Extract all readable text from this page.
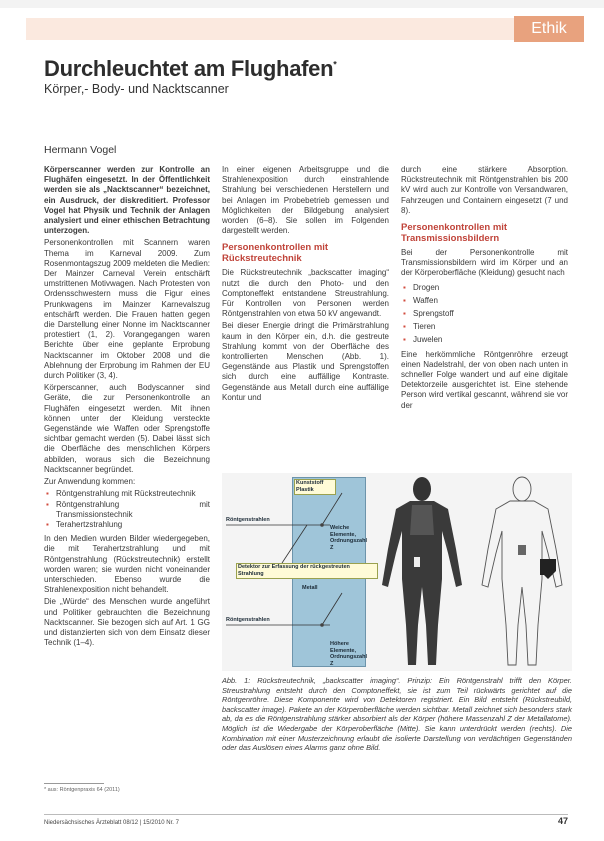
Ethik
Durchleuchtet am Flughafen*
Körper,- Body- und Nacktscanner
Hermann Vogel

Körperscanner werden zur Kontrolle an Flughäfen eingesetzt. In der Öffentlichkeit werden sie als „Nacktscanner“ bezeichnet, ein Ausdruck, der diskreditiert. Professor Vogel hat Physik und Technik der Anlagen analysiert und einer ethischen Betrachtung unterzogen.

Personenkontrollen mit Scannern waren Thema im Karneval 2009. Zum Rosenmontagszug 2009 meldeten die Medien: Der Mainzer Carneval Verein entschärft umstrittenen Motivwagen. Nach Protesten von Ordensschwestern muss die Figur eines Prunkwagens im Mainzer Karnevalszug entschärft werden. Die Frauen hatten gegen die Darstellung einer Nonne im Nacktscanner protestiert (1, 2). Vorangegangen waren Berichte über eine geplante Erprobung Nacktscanner im Oktober 2008 und die Ablehnung der Erprobung im Rahmen der EU durch Politiker (3, 4).

Körperscanner, auch Bodyscanner sind Geräte, die zur Personenkontrolle an Flughäfen eingesetzt werden. Mit ihnen können unter der Kleidung versteckte Gegenstände wie Waffen oder Sprengstoffe sichtbar gemacht werden (5). Dabei lässt sich die Oberfläche des menschlichen Körpers abbilden, woraus sich die Bezeichnung Nacktscanner begründet.

Zur Anwendung kommen:

▪ Röntgenstrahlung mit Rückstreutechnik
▪ Röntgenstrahlung mit Transmissionstechnik
▪ Terahertzstrahlung

In den Medien wurden Bilder wiedergegeben, die mit Terahertzstrahlung und mit Röntgenstrahlung (Rückstreutechnik) erstellt worden waren; sie wurden nicht voneinander unterschieden. Ebenso wurde die Strahlenexposition nicht behandelt.

Die „Würde“ des Menschen wurde angeführt und Politiker gebrauchten die Bezeichnung Nacktscanner. Sie bezogen sich auf Art. 1 GG und distanzierten sich von dem Einsatz dieser Technik (1–4).

In einer eigenen Arbeitsgruppe und die Strahlenexposition durch einstrahlende Strahlung bei verschiedenen Herstellern und bei Anlagen im Probebetrieb gemessen und Möglichkeiten der Bildgebung analysiert worden (6–8). Sie sollen im Folgenden dargestellt werden.

Personenkontrollen mit Rückstreutechnik

Die Rückstreutechnik „backscatter imaging“ nutzt die durch den Photo- und den Comptoneffekt entstandene Streustrahlung. Für Kontrollen von Personen werden Röntgenstrahlen von etwa 50 kV angewandt.

Bei dieser Energie dringt die Primärstrahlung kaum in den Körper ein, d.h. die gestreute Strahlung kommt von der Oberfläche des kontrollierten Menschen (Abb. 1). Gegenstände aus Plastik und Sprengstoffen sich durch eine auffällige Kontraste. Gegenstände aus Metall durch eine auffällige Kontur und

durch eine stärkere Absorption. Rückstreutechnik mit Röntgenstrahlen bis 200 kV wird auch zur Kontrolle von Versandwaren, Fahrzeugen und Containern eingesetzt (7 und 8).

Personenkontrollen mit Transmissionsbildern

Bei der Personenkontrolle mit Transmissionsbildern wird im Körper und an der Körperoberfläche (Kleidung) gesucht nach

▪ Drogen
▪ Waffen
▪ Sprengstoff
▪ Tieren
▪ Juwelen

Eine herkömmliche Röntgenröhre erzeugt einen Nadelstrahl, der von oben nach unten in schneller Folge wandert und auf eine digitale Detektorzeile ausgerichtet ist. Eine stehende Person wird vertikal gescannt, während sie vor der

Kunststoff Plastik
Röntgenstrahlen
Weiche Elemente, Ordnungszahl Z
Detektor zur Erfassung der rückgestreuten Strahlung
Metall
Röntgenstrahlen
Höhere Elemente, Ordnungszahl Z
Abb. 1: Rückstreutechnik, „backscatter imaging“. Prinzip: Ein Röntgenstrahl trifft den Körper. Streustrahlung entsteht durch den Comptoneffekt, sie ist zum Teil rückwärts gerichtet auf die Röntgenröhre. Diese Komponente wird von Detektoren registriert. Ein Bild entsteht (Rückstreubild, backscatter image). Pakete an der Körperoberfläche werden sichtbar. Metall zeichnet sich besonders stark ab, da es die Röntgenstrahlung stärker absorbiert als der Körper (höhere Massenzahl Z der Metallatome). Möglich ist die Wiedergabe der Körperoberfläche (Mitte). Sie kann unterdrückt werden (rechts). Die Kombination mit einer Musterzeichnung erlaubt die isolierte Darstellung von verdächtigen Gegenständen oder das Auslösen eines Alarms ganz ohne Bild.
* aus: Röntgenpraxis 64 (2011)
Niedersächsisches Ärzteblatt 08/12 | 15/2010 Nr. 7	47
